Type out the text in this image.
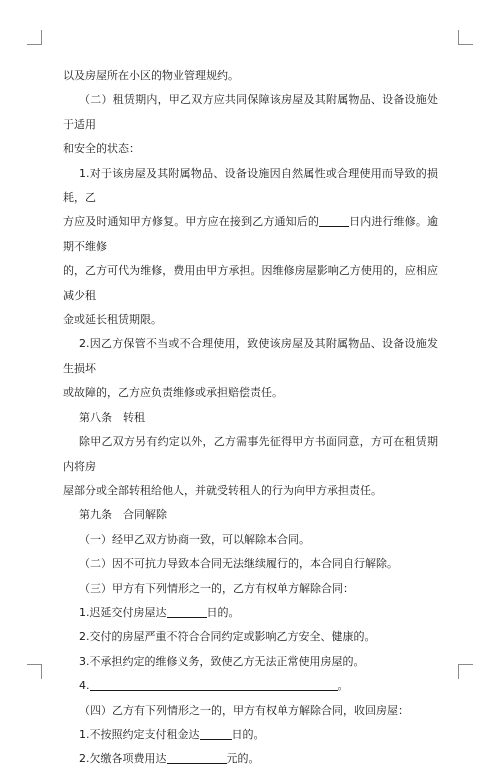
以及房屋所在小区的物业管理规约。

（二）租赁期内，甲乙双方应共同保障该房屋及其附属物品、设备设施处于适用

和安全的状态：

1.对于该房屋及其附属物品、设备设施因自然属性或合理使用而导致的损耗，乙

方应及时通知甲方修复。甲方应在接到乙方通知后的	日内进行维修。逾期不维修

的，乙方可代为维修，费用由甲方承担。因维修房屋影响乙方使用的，应相应减少租

金或延长租赁期限。

2.因乙方保管不当或不合理使用，致使该房屋及其附属物品、设备设施发生损坏

或故障的，乙方应负责维修或承担赔偿责任。

第八条　转租

除甲乙双方另有约定以外，乙方需事先征得甲方书面同意，方可在租赁期内将房

屋部分或全部转租给他人，并就受转租人的行为向甲方承担责任。

第九条　合同解除

（一）经甲乙双方协商一致，可以解除本合同。

（二）因不可抗力导致本合同无法继续履行的，本合同自行解除。

（三）甲方有下列情形之一的，乙方有权单方解除合同：

1.迟延交付房屋达	日的。

2.交付的房屋严重不符合合同约定或影响乙方安全、健康的。

3.不承担约定的维修义务，致使乙方无法正常使用房屋的。

4.	。

（四）乙方有下列情形之一的，甲方有权单方解除合同，收回房屋：

1.不按照约定支付租金达	日的。

2.欠缴各项费用达	元的。
